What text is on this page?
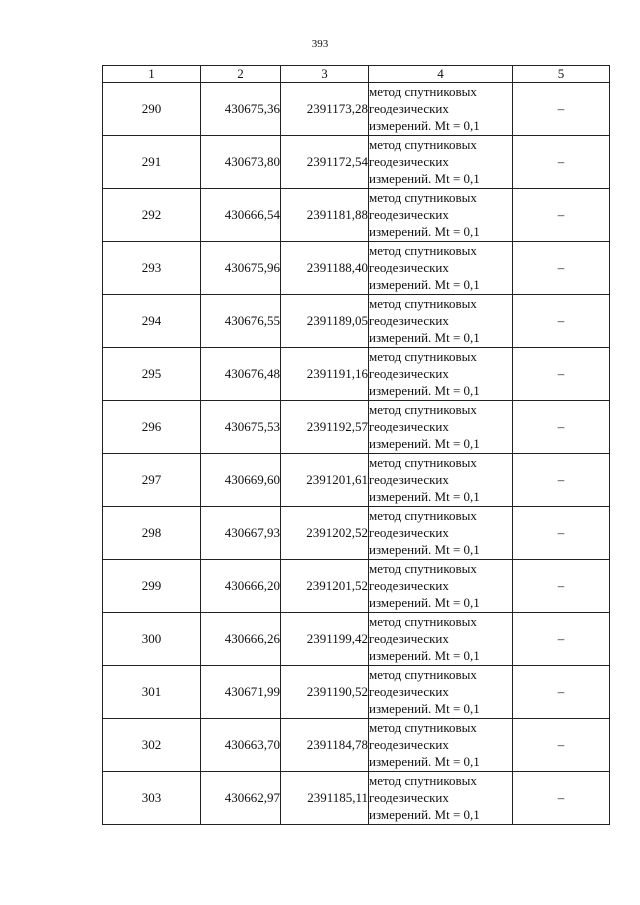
393
1	2	3	4	5
290	430675,36	2391173,28	метод спутниковых
геодезических
измерений. Mt = 0,1	–
291	430673,80	2391172,54	метод спутниковых
геодезических
измерений. Mt = 0,1	–
292	430666,54	2391181,88	метод спутниковых
геодезических
измерений. Mt = 0,1	–
293	430675,96	2391188,40	метод спутниковых
геодезических
измерений. Mt = 0,1	–
294	430676,55	2391189,05	метод спутниковых
геодезических
измерений. Mt = 0,1	–
295	430676,48	2391191,16	метод спутниковых
геодезических
измерений. Mt = 0,1	–
296	430675,53	2391192,57	метод спутниковых
геодезических
измерений. Mt = 0,1	–
297	430669,60	2391201,61	метод спутниковых
геодезических
измерений. Mt = 0,1	–
298	430667,93	2391202,52	метод спутниковых
геодезических
измерений. Mt = 0,1	–
299	430666,20	2391201,52	метод спутниковых
геодезических
измерений. Mt = 0,1	–
300	430666,26	2391199,42	метод спутниковых
геодезических
измерений. Mt = 0,1	–
301	430671,99	2391190,52	метод спутниковых
геодезических
измерений. Mt = 0,1	–
302	430663,70	2391184,78	метод спутниковых
геодезических
измерений. Mt = 0,1	–
303	430662,97	2391185,11	метод спутниковых
геодезических
измерений. Mt = 0,1	–
